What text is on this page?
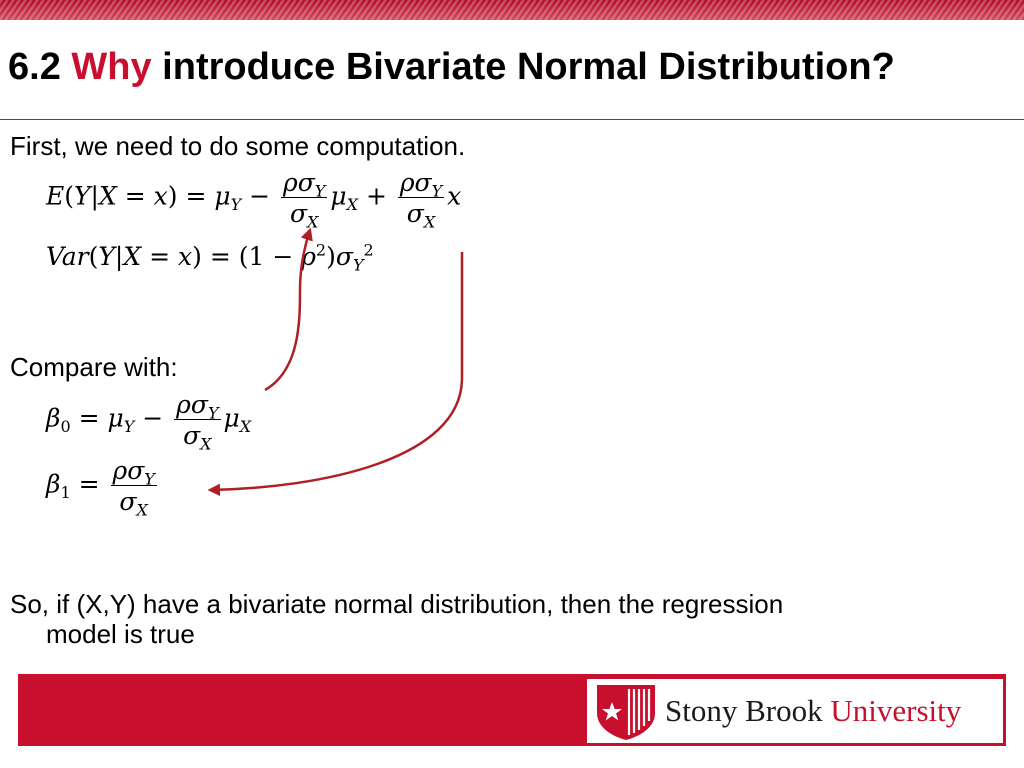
6.2 Why introduce Bivariate Normal Distribution?
First, we need to do some computation.
$E(Y|X = x) = \mu_Y - \frac{\rho\sigma_Y}{\sigma_X} \mu_X + \frac{\rho\sigma_Y}{\sigma_X}$ x
$Var(Y|X = x) = (1 - \rho^2)\sigma_Y^2$
Compare with:
$\beta_0 = \mu_Y - \frac{\rho\sigma_Y}{\sigma_X} \mu_X$
$\beta_1 = \frac{\rho\sigma_Y}{\sigma_X}$
So, if (X,Y) have a bivariate normal distribution, then the regression
model is true
Stony Brook University
